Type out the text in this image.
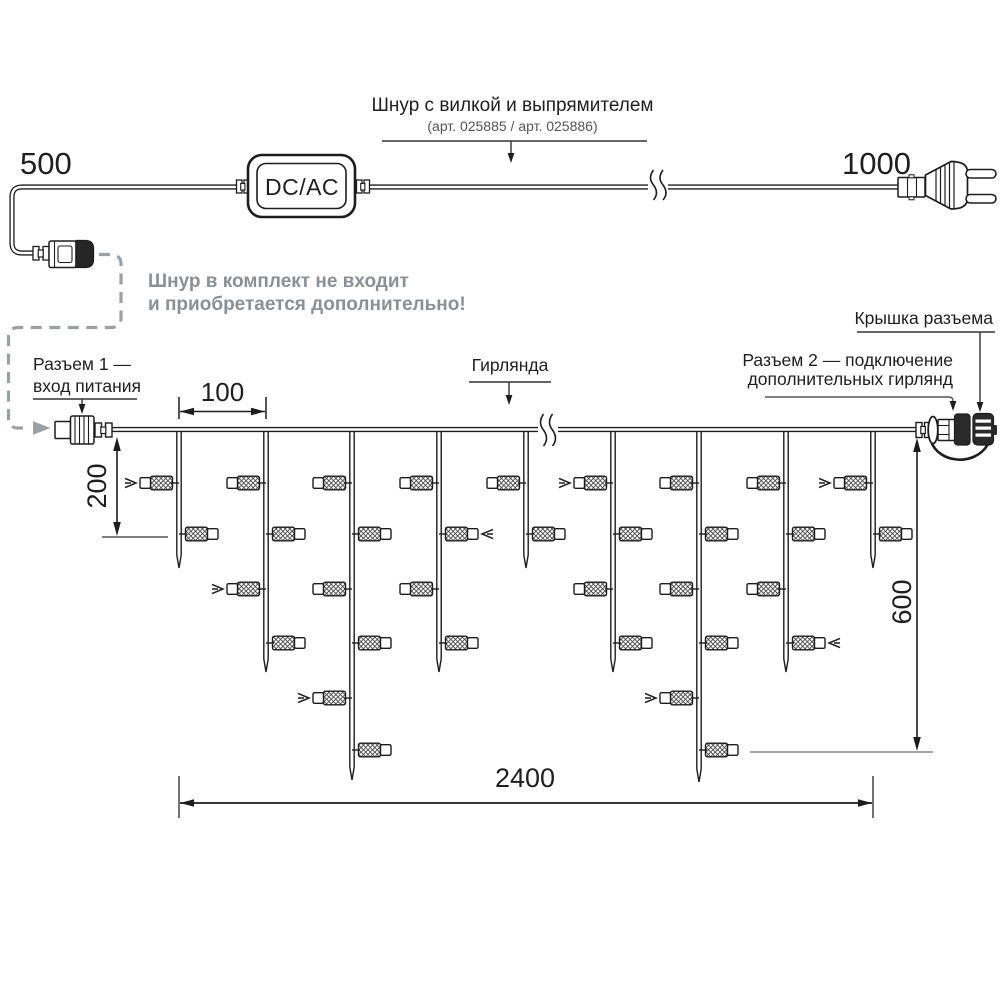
500	1000
Шнур с вилкой и выпрямителем
(арт. 025885 / арт. 025886)
DC/AC
Шнур в комплект не входит
и приобретается дополнительно!
Разъем 1 —
вход питания
Гирлянда	Разъем 2 — подключение
дополнительных гирлянд
Крышка разъема
100
200
600
2400
